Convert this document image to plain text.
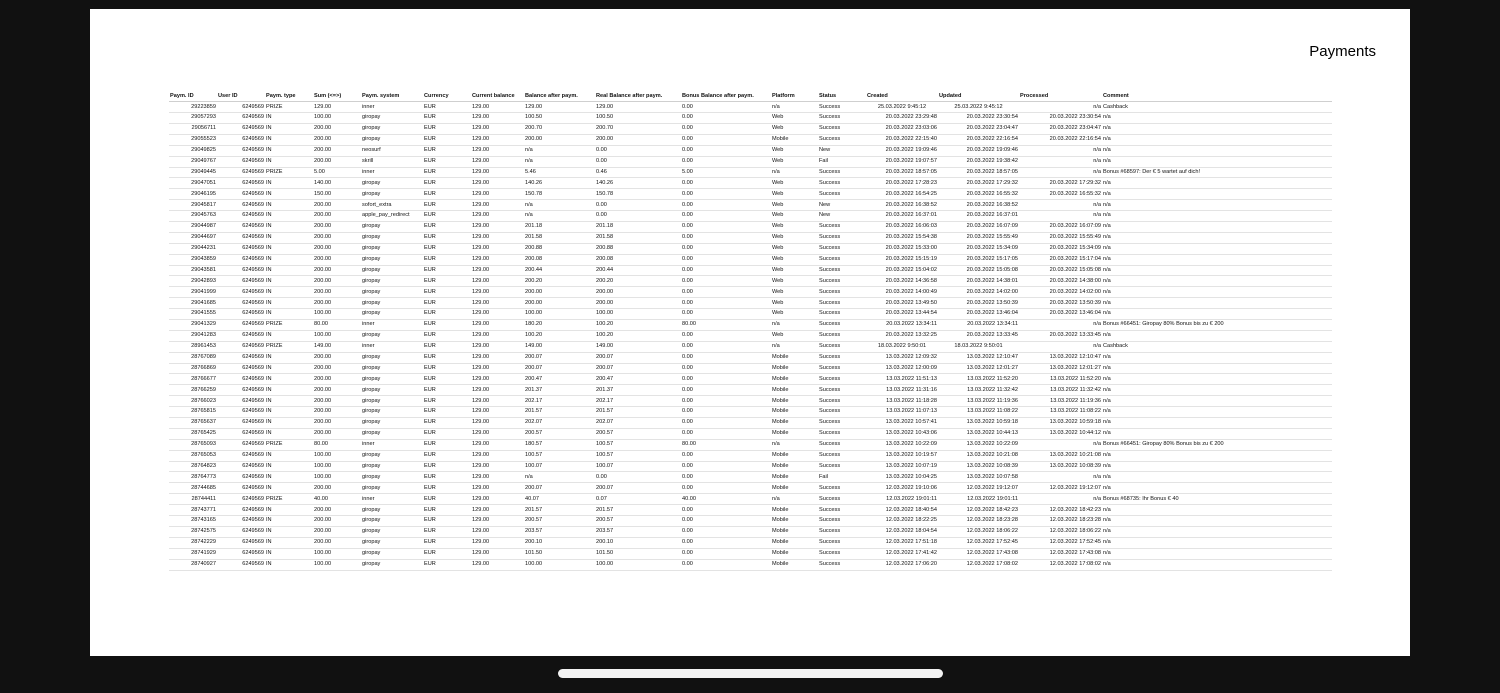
Payments
Paym. ID	User ID	Paym. type	Sum (<=>)	Paym. system	Currency	Current balance	Balance after paym.	Real Balance after paym.	Bonus Balance after paym.	Platform	Status	Created	Updated	Processed	Comment
29223859	6249569	PRIZE	129.00	inner	EUR	129.00	129.00	129.00	0.00	n/a	Success	25.03.2022 9:45:12	25.03.2022 9:45:12	n/a	Cashback
29057293	6249569	IN	100.00	giropay	EUR	129.00	100.50	100.50	0.00	Web	Success	20.03.2022 23:29:48	20.03.2022 23:30:54	20.03.2022 23:30:54	n/a
29056711	6249569	IN	200.00	giropay	EUR	129.00	200.70	200.70	0.00	Web	Success	20.03.2022 23:03:06	20.03.2022 23:04:47	20.03.2022 23:04:47	n/a
29055523	6249569	IN	200.00	giropay	EUR	129.00	200.00	200.00	0.00	Mobile	Success	20.03.2022 22:15:40	20.03.2022 22:16:54	20.03.2022 22:16:54	n/a
29049825	6249569	IN	200.00	neosurf	EUR	129.00	n/a	0.00	0.00	Web	New	20.03.2022 19:09:46	20.03.2022 19:09:46	n/a	n/a
29049767	6249569	IN	200.00	skrill	EUR	129.00	n/a	0.00	0.00	Web	Fail	20.03.2022 19:07:57	20.03.2022 19:38:42	n/a	n/a
29049445	6249569	PRIZE	5.00	inner	EUR	129.00	5.46	0.46	5.00	n/a	Success	20.03.2022 18:57:05	20.03.2022 18:57:05	n/a	Bonus #68597: Der € 5 wartet auf dich!
29047051	6249569	IN	140.00	giropay	EUR	129.00	140.26	140.26	0.00	Web	Success	20.03.2022 17:28:23	20.03.2022 17:29:32	20.03.2022 17:29:32	n/a
29046195	6249569	IN	150.00	giropay	EUR	129.00	150.78	150.78	0.00	Web	Success	20.03.2022 16:54:25	20.03.2022 16:55:32	20.03.2022 16:55:32	n/a
29045817	6249569	IN	200.00	sofort_extra	EUR	129.00	n/a	0.00	0.00	Web	New	20.03.2022 16:38:52	20.03.2022 16:38:52	n/a	n/a
29045763	6249569	IN	200.00	apple_pay_redirect	EUR	129.00	n/a	0.00	0.00	Web	New	20.03.2022 16:37:01	20.03.2022 16:37:01	n/a	n/a
29044987	6249569	IN	200.00	giropay	EUR	129.00	201.18	201.18	0.00	Web	Success	20.03.2022 16:06:03	20.03.2022 16:07:09	20.03.2022 16:07:09	n/a
29044697	6249569	IN	200.00	giropay	EUR	129.00	201.58	201.58	0.00	Web	Success	20.03.2022 15:54:38	20.03.2022 15:55:49	20.03.2022 15:55:49	n/a
29044231	6249569	IN	200.00	giropay	EUR	129.00	200.88	200.88	0.00	Web	Success	20.03.2022 15:33:00	20.03.2022 15:34:09	20.03.2022 15:34:09	n/a
29043859	6249569	IN	200.00	giropay	EUR	129.00	200.08	200.08	0.00	Web	Success	20.03.2022 15:15:19	20.03.2022 15:17:05	20.03.2022 15:17:04	n/a
29043581	6249569	IN	200.00	giropay	EUR	129.00	200.44	200.44	0.00	Web	Success	20.03.2022 15:04:02	20.03.2022 15:05:08	20.03.2022 15:05:08	n/a
29042893	6249569	IN	200.00	giropay	EUR	129.00	200.20	200.20	0.00	Web	Success	20.03.2022 14:36:58	20.03.2022 14:38:01	20.03.2022 14:38:00	n/a
29041999	6249569	IN	200.00	giropay	EUR	129.00	200.00	200.00	0.00	Web	Success	20.03.2022 14:00:49	20.03.2022 14:02:00	20.03.2022 14:02:00	n/a
29041685	6249569	IN	200.00	giropay	EUR	129.00	200.00	200.00	0.00	Web	Success	20.03.2022 13:49:50	20.03.2022 13:50:39	20.03.2022 13:50:39	n/a
29041555	6249569	IN	100.00	giropay	EUR	129.00	100.00	100.00	0.00	Web	Success	20.03.2022 13:44:54	20.03.2022 13:46:04	20.03.2022 13:46:04	n/a
29041329	6249569	PRIZE	80.00	inner	EUR	129.00	180.20	100.20	80.00	n/a	Success	20.03.2022 13:34:11	20.03.2022 13:34:11	n/a	Bonus #66451: Giropay 80% Bonus bis zu € 200
29041283	6249569	IN	100.00	giropay	EUR	129.00	100.20	100.20	0.00	Web	Success	20.03.2022 13:32:25	20.03.2022 13:33:45	20.03.2022 13:33:45	n/a
28961453	6249569	PRIZE	149.00	inner	EUR	129.00	149.00	149.00	0.00	n/a	Success	18.03.2022 9:50:01	18.03.2022 9:50:01	n/a	Cashback
28767089	6249569	IN	200.00	giropay	EUR	129.00	200.07	200.07	0.00	Mobile	Success	13.03.2022 12:09:32	13.03.2022 12:10:47	13.03.2022 12:10:47	n/a
28766869	6249569	IN	200.00	giropay	EUR	129.00	200.07	200.07	0.00	Mobile	Success	13.03.2022 12:00:09	13.03.2022 12:01:27	13.03.2022 12:01:27	n/a
28766677	6249569	IN	200.00	giropay	EUR	129.00	200.47	200.47	0.00	Mobile	Success	13.03.2022 11:51:13	13.03.2022 11:52:20	13.03.2022 11:52:20	n/a
28766259	6249569	IN	200.00	giropay	EUR	129.00	201.37	201.37	0.00	Mobile	Success	13.03.2022 11:31:16	13.03.2022 11:32:42	13.03.2022 11:32:42	n/a
28766023	6249569	IN	200.00	giropay	EUR	129.00	202.17	202.17	0.00	Mobile	Success	13.03.2022 11:18:28	13.03.2022 11:19:36	13.03.2022 11:19:36	n/a
28765815	6249569	IN	200.00	giropay	EUR	129.00	201.57	201.57	0.00	Mobile	Success	13.03.2022 11:07:13	13.03.2022 11:08:22	13.03.2022 11:08:22	n/a
28765637	6249569	IN	200.00	giropay	EUR	129.00	202.07	202.07	0.00	Mobile	Success	13.03.2022 10:57:41	13.03.2022 10:59:18	13.03.2022 10:59:18	n/a
28765425	6249569	IN	200.00	giropay	EUR	129.00	200.57	200.57	0.00	Mobile	Success	13.03.2022 10:43:06	13.03.2022 10:44:13	13.03.2022 10:44:12	n/a
28765093	6249569	PRIZE	80.00	inner	EUR	129.00	180.57	100.57	80.00	n/a	Success	13.03.2022 10:22:09	13.03.2022 10:22:09	n/a	Bonus #66451: Giropay 80% Bonus bis zu € 200
28765053	6249569	IN	100.00	giropay	EUR	129.00	100.57	100.57	0.00	Mobile	Success	13.03.2022 10:19:57	13.03.2022 10:21:08	13.03.2022 10:21:08	n/a
28764823	6249569	IN	100.00	giropay	EUR	129.00	100.07	100.07	0.00	Mobile	Success	13.03.2022 10:07:19	13.03.2022 10:08:39	13.03.2022 10:08:39	n/a
28764773	6249569	IN	100.00	giropay	EUR	129.00	n/a	0.00	0.00	Mobile	Fail	13.03.2022 10:04:25	13.03.2022 10:07:58	n/a	n/a
28744685	6249569	IN	200.00	giropay	EUR	129.00	200.07	200.07	0.00	Mobile	Success	12.03.2022 19:10:06	12.03.2022 19:12:07	12.03.2022 19:12:07	n/a
28744411	6249569	PRIZE	40.00	inner	EUR	129.00	40.07	0.07	40.00	n/a	Success	12.03.2022 19:01:11	12.03.2022 19:01:11	n/a	Bonus #68735: Ihr Bonus € 40
28743771	6249569	IN	200.00	giropay	EUR	129.00	201.57	201.57	0.00	Mobile	Success	12.03.2022 18:40:54	12.03.2022 18:42:23	12.03.2022 18:42:23	n/a
28743165	6249569	IN	200.00	giropay	EUR	129.00	200.57	200.57	0.00	Mobile	Success	12.03.2022 18:22:25	12.03.2022 18:23:28	12.03.2022 18:23:28	n/a
28742575	6249569	IN	200.00	giropay	EUR	129.00	203.57	203.57	0.00	Mobile	Success	12.03.2022 18:04:54	12.03.2022 18:06:22	12.03.2022 18:06:22	n/a
28742229	6249569	IN	200.00	giropay	EUR	129.00	200.10	200.10	0.00	Mobile	Success	12.03.2022 17:51:18	12.03.2022 17:52:45	12.03.2022 17:52:45	n/a
28741929	6249569	IN	100.00	giropay	EUR	129.00	101.50	101.50	0.00	Mobile	Success	12.03.2022 17:41:42	12.03.2022 17:43:08	12.03.2022 17:43:08	n/a
28740927	6249569	IN	100.00	giropay	EUR	129.00	100.00	100.00	0.00	Mobile	Success	12.03.2022 17:06:20	12.03.2022 17:08:02	12.03.2022 17:08:02	n/a
